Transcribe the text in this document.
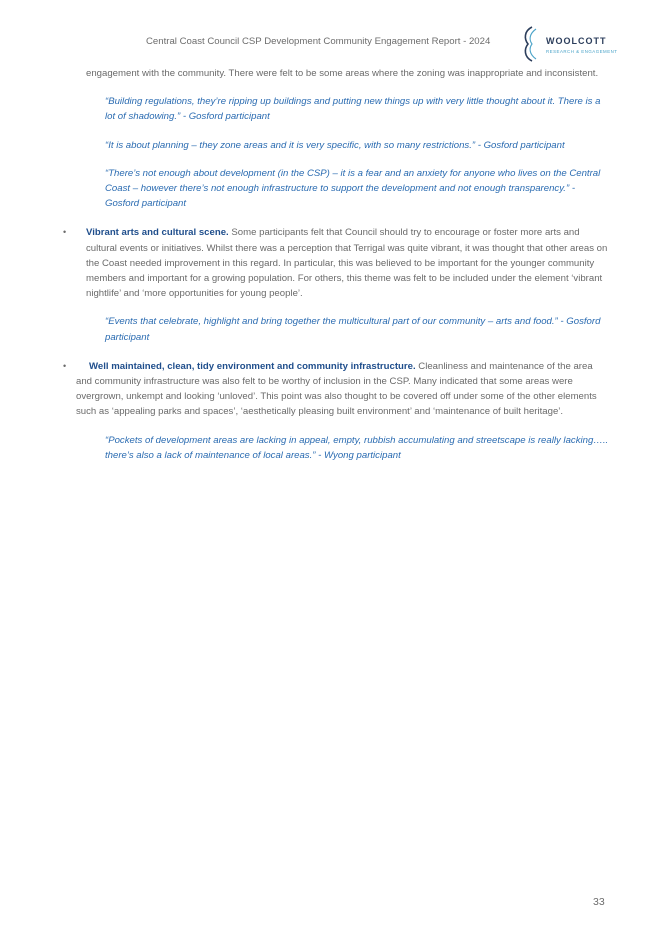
Central Coast Council CSP Development Community Engagement Report - 2024	WOOLCOTT
RESEARCH & ENGAGEMENT

engagement with the community. There were felt to be some areas where the zoning was inappropriate and inconsistent.

“Building regulations, they’re ripping up buildings and putting new things up with very little thought about it. There is a lot of shadowing.” - Gosford participant

“It is about planning – they zone areas and it is very specific, with so many restrictions.” - Gosford participant

“There’s not enough about development (in the CSP) – it is a fear and an anxiety for anyone who lives on the Central Coast – however there’s not enough infrastructure to support the development and not enough transparency.” - Gosford participant

• Vibrant arts and cultural scene. Some participants felt that Council should try to encourage or foster more arts and cultural events or initiatives. Whilst there was a perception that Terrigal was quite vibrant, it was thought that other areas on the Coast needed improvement in this regard. In particular, this was believed to be important for the younger community members and important for a growing population. For others, this theme was felt to be included under the element ‘vibrant nightlife’ and ‘more opportunities for young people’.

“Events that celebrate, highlight and bring together the multicultural part of our community – arts and food.” - Gosford participant

•	Well maintained, clean, tidy environment and community infrastructure. Cleanliness and maintenance of the area and community infrastructure was also felt to be worthy of inclusion in the CSP. Many indicated that some areas were overgrown, unkempt and looking ‘unloved’. This point was also thought to be covered off under some of the other elements such as ‘appealing parks and spaces’, ‘aesthetically pleasing built environment’ and ‘maintenance of built heritage’.

“Pockets of development areas are lacking in appeal, empty, rubbish accumulating and streetscape is really lacking….. there’s also a lack of maintenance of local areas.” - Wyong participant

33
